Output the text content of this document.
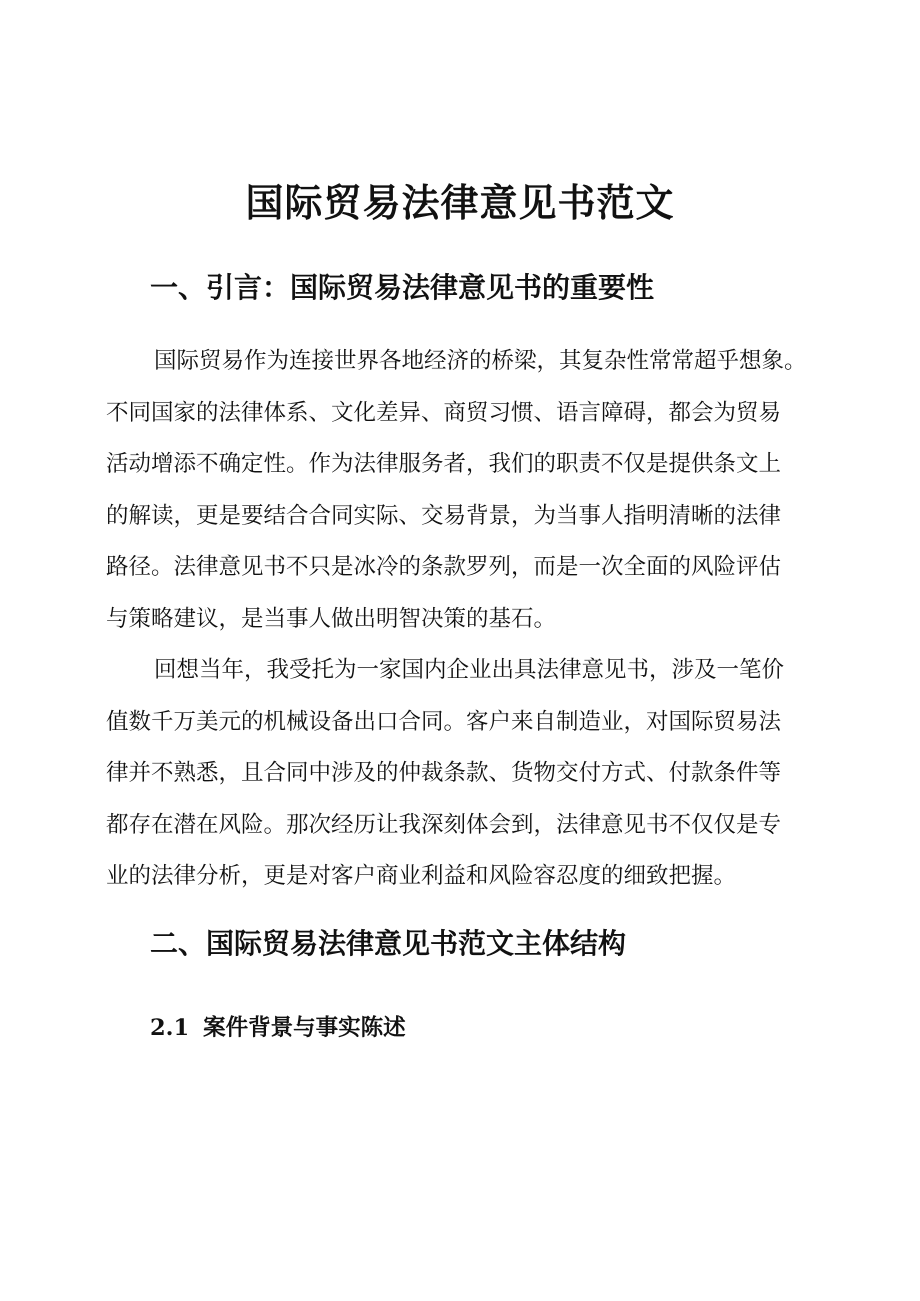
国际贸易法律意见书范文
一、引言：国际贸易法律意见书的重要性

国际贸易作为连接世界各地经济的桥梁，其复杂性常常超乎想象。
不同国家的法律体系、文化差异、商贸习惯、语言障碍，都会为贸易
活动增添不确定性。作为法律服务者，我们的职责不仅是提供条文上
的解读，更是要结合合同实际、交易背景，为当事人指明清晰的法律
路径。法律意见书不只是冰冷的条款罗列，而是一次全面的风险评估
与策略建议，是当事人做出明智决策的基石。

回想当年，我受托为一家国内企业出具法律意见书，涉及一笔价
值数千万美元的机械设备出口合同。客户来自制造业，对国际贸易法
律并不熟悉，且合同中涉及的仲裁条款、货物交付方式、付款条件等
都存在潜在风险。那次经历让我深刻体会到，法律意见书不仅仅是专
业的法律分析，更是对客户商业利益和风险容忍度的细致把握。

二、国际贸易法律意见书范文主体结构
2.1 案件背景与事实陈述
